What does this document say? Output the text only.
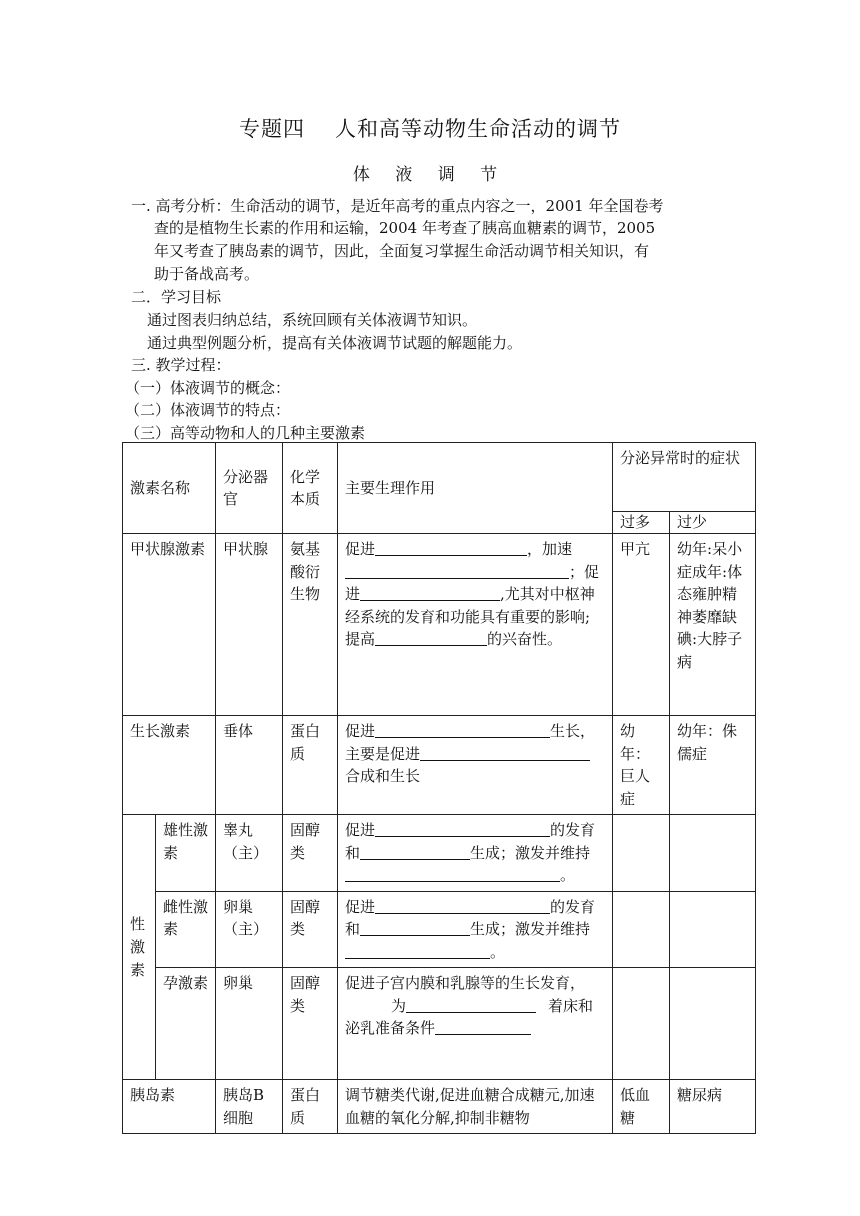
专题四 人和高等动物生命活动的调节
体 液 调 节
一. 高考分析：生命活动的调节，是近年高考的重点内容之一，2001 年全国卷考
查的是植物生长素的作用和运输，2004 年考查了胰高血糖素的调节，2005
年又考查了胰岛素的调节，因此，全面复习掌握生命活动调节相关知识，有
助于备战高考。
二．学习目标
通过图表归纳总结，系统回顾有关体液调节知识。
通过典型例题分析，提高有关体液调节试题的解题能力。
三. 教学过程：
（一）体液调节的概念：
（二）体液调节的特点：
（三）高等动物和人的几种主要激素
激素名称		分泌器官	化学本质	主要生理作用	分泌异常时的症状	
					过多	过少
甲状腺激素		甲状腺	氨基酸衍生物	促进 ，加速；促进 ,尤其对中枢神经系统的发育和功能具有重要的影响;提高 的兴奋性。	甲亢	幼年:呆小症成年:体态雍肿精神萎靡缺碘:大脖子病
生长激素		垂体	蛋白质	促进 生长，主要是促进合成和生长	幼年：巨人症	幼年：侏儒症
性激素	雄性激素	睾丸（主）	固醇类	促进 的发育和 生成；激发并维持。		
	雌性激素	卵巢（主）	固醇类	促进 的发育和 生成；激发并维持。		
	孕激素	卵巢	固醇类	促进子宫内膜和乳腺等的生长发育，为 着床和泌乳准备条件		
胰岛素		胰岛B细胞	蛋白质	调节糖类代谢,促进血糖合成糖元,加速血糖的氧化分解,抑制非糖物	低血糖	糖尿病
